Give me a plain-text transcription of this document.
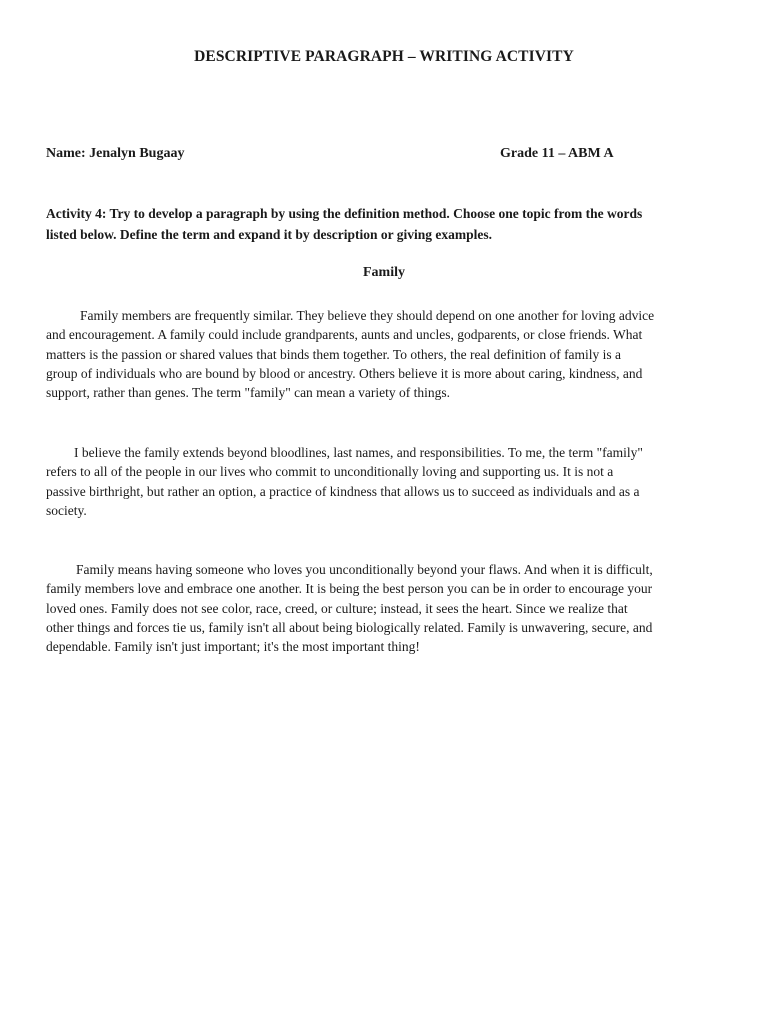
DESCRIPTIVE PARAGRAPH – WRITING ACTIVITY
Name: Jenalyn Bugaay	Grade 11 – ABM A
Activity 4: Try to develop a paragraph by using the definition method. Choose one topic from the words
listed below. Define the term and expand it by description or giving examples.
Family
Family members are frequently similar. They believe they should depend on one another for loving advice
and encouragement. A family could include grandparents, aunts and uncles, godparents, or close friends. What
matters is the passion or shared values that binds them together. To others, the real definition of family is a
group of individuals who are bound by blood or ancestry. Others believe it is more about caring, kindness, and
support, rather than genes. The term "family" can mean a variety of things.
I believe the family extends beyond bloodlines, last names, and responsibilities. To me, the term "family"
refers to all of the people in our lives who commit to unconditionally loving and supporting us. It is not a
passive birthright, but rather an option, a practice of kindness that allows us to succeed as individuals and as a
society.
Family means having someone who loves you unconditionally beyond your flaws. And when it is difficult,
family members love and embrace one another. It is being the best person you can be in order to encourage your
loved ones. Family does not see color, race, creed, or culture; instead, it sees the heart. Since we realize that
other things and forces tie us, family isn't all about being biologically related. Family is unwavering, secure, and
dependable. Family isn't just important; it's the most important thing!
